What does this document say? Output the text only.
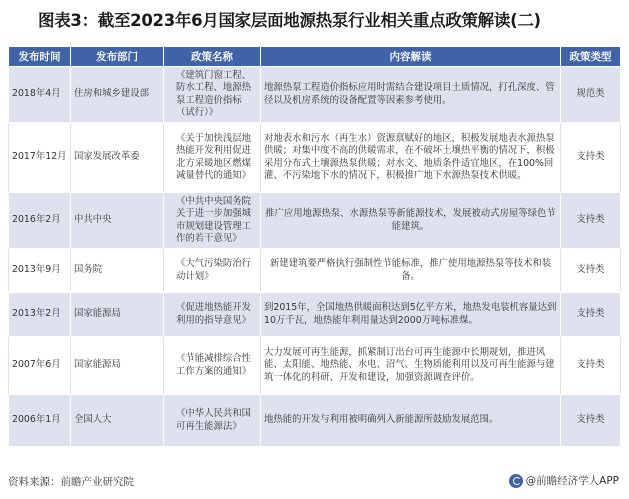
图表3：截至2023年6月国家层面地源热泵行业相关重点政策解读(二)
发布时间	发布部门	政策名称	内容解读	政策类型
2018年4月	住房和城乡建设部	《建筑门窗工程、防水工程、地源热泵工程造价指标（试行）》	地源热泵工程造价指标应用时需结合建设项目土质情况，打孔深度、管径以及机房系统的设备配置等因素参考使用。	规范类
2017年12月	国家发展改革委	《关于加快浅层地热能开发利用促进北方采暖地区燃煤减量替代的通知》	对地表水和污水（再生水）资源禀赋好的地区，积极发展地表水源热泵供暖；对集中度不高的供暖需求，在不破坏土壤热平衡的情况下，积极采用分布式土壤源热泵供暖；对水文、地质条件适宜地区，在100%回灌、不污染地下水的情况下，积极推广地下水源热泵技术供暖。	支持类
2016年2月	中共中央	《中共中央国务院关于进一步加强城市规划建设管理工作的若干意见》	推广应用地源热泵、水源热泵等新能源技术，发展被动式房屋等绿色节能建筑。	支持类
2013年9月	国务院	《大气污染防治行动计划》	新建建筑要严格执行强制性节能标准，推广使用地源热泵等技术和装备。	支持类
2013年2月	国家能源局	《促进地热能开发利用的指导意见》	到2015年，全国地热供暖面积达到5亿平方米，地热发电装机容量达到10万千瓦，地热能年利用量达到2000万吨标准煤。	支持类
2007年6月	国家能源局	《节能减排综合性工作方案的通知》	大力发展可再生能源，抓紧制订出台可再生能源中长期规划，推进风能、太阳能、地热能、水电、沼气、生物质能利用以及可再生能源与建筑一体化的科研、开发和建设，加强资源调查评价。	支持类
2006年1月	全国人大	《中华人民共和国可再生能源法》	地热能的开发与利用被明确列入新能源所鼓励发展范围。	支持类
资料来源：前瞻产业研究院	@前瞻经济学人APP
